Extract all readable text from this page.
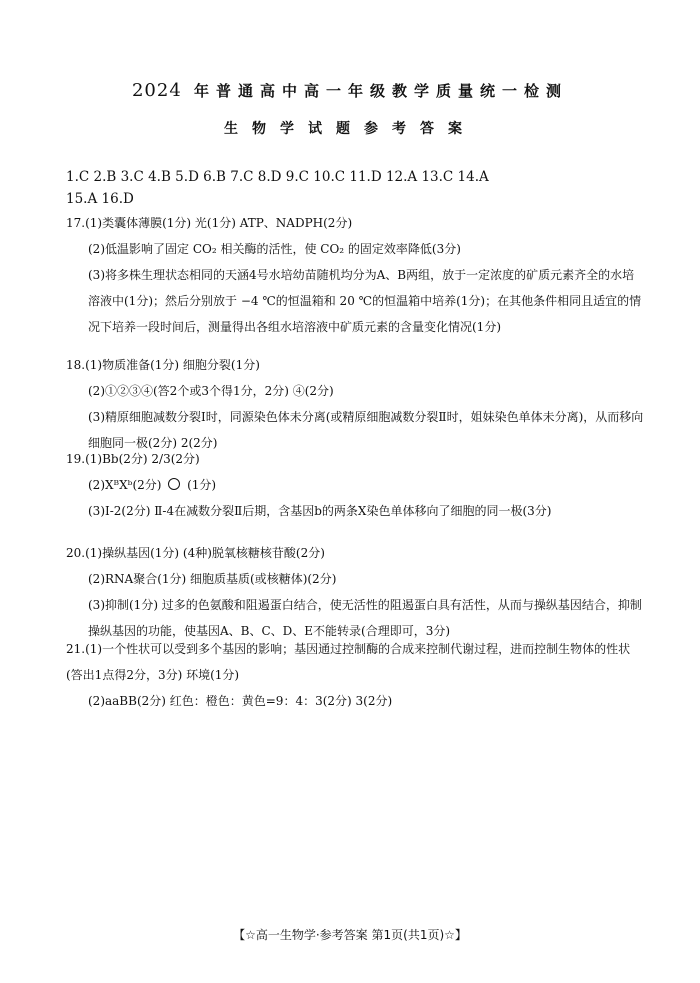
2024 年普通高中高一年级教学质量统一检测
生物学试题参考答案
1.C 2.B 3.C 4.B 5.D 6.B 7.C 8.D 9.C 10.C 11.D 12.A 13.C 14.A
15.A 16.D
17.(1)类囊体薄膜(1分) 光(1分) ATP、NADPH(2分)
(2)低温影响了固定 CO₂ 相关酶的活性，使 CO₂ 的固定效率降低(3分)
(3)将多株生理状态相同的天涵4号水培幼苗随机均分为A、B两组，放于一定浓度的矿质元素齐全的水培溶液中(1分)；然后分别放于 −4 ℃的恒温箱和 20 ℃的恒温箱中培养(1分)；在其他条件相同且适宜的情况下培养一段时间后，测量得出各组水培溶液中矿质元素的含量变化情况(1分)
18.(1)物质准备(1分) 细胞分裂(1分)
(2)①②③④(答2个或3个得1分，2分) ④(2分)
(3)精原细胞减数分裂Ⅰ时，同源染色体未分离(或精原细胞减数分裂Ⅱ时，姐妹染色单体未分离)，从而移向细胞同一极(2分) 2(2分)
19.(1)Bb(2分) 2/3(2分)
(2)XᴮXᵇ(2分) (1分)
(3)Ⅰ-2(2分) Ⅱ-4在减数分裂Ⅱ后期，含基因b的两条X染色单体移向了细胞的同一极(3分)
20.(1)操纵基因(1分) (4种)脱氧核糖核苷酸(2分)
(2)RNA聚合(1分) 细胞质基质(或核糖体)(2分)
(3)抑制(1分) 过多的色氨酸和阻遏蛋白结合，使无活性的阻遏蛋白具有活性，从而与操纵基因结合，抑制操纵基因的功能，使基因A、B、C、D、E不能转录(合理即可，3分)
21.(1)一个性状可以受到多个基因的影响；基因通过控制酶的合成来控制代谢过程，进而控制生物体的性状(答出1点得2分，3分) 环境(1分)
(2)aaBB(2分) 红色：橙色：黄色=9：4：3(2分) 3(2分)
【☆高一生物学·参考答案 第1页(共1页)☆】
